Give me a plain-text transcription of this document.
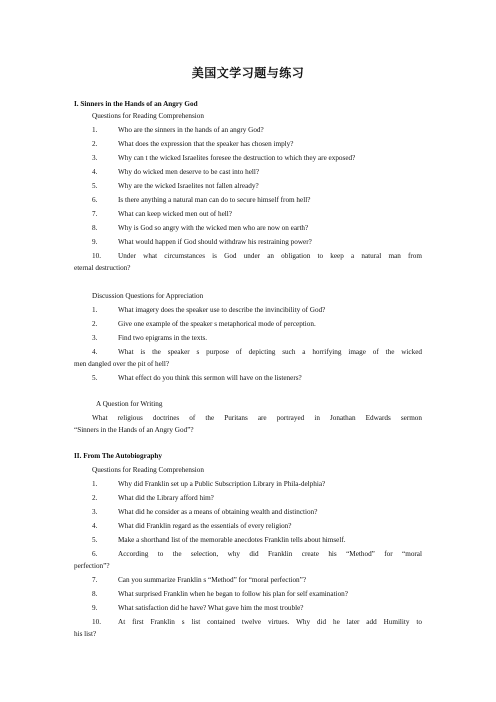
美国文学习题与练习
I. Sinners in the Hands of an Angry God
Questions for Reading Comprehension
1.	Who are the sinners in the hands of an angry God?
2.	What does the expression that the speaker has chosen imply?
3.	Why can t the wicked Israelites foresee the destruction to which they are exposed?
4.	Why do wicked men deserve to be cast into hell?
5.	Why are the wicked Israelites not fallen already?
6.	Is there anything a natural man can do to secure himself from hell?
7.	What can keep wicked men out of hell?
8.	Why is God so angry with the wicked men who are now on earth?
9.	What would happen if God should withdraw his restraining power?
10. Under what circumstances is God under an obligation to keep a natural man from
eternal destruction?
Discussion Questions for Appreciation
1.	What imagery does the speaker use to describe the invincibility of God?
2.	Give one example of the speaker s metaphorical mode of perception.
3.	Find two epigrams in the texts.
4.	What is the speaker s purpose of depicting such a horrifying image of the wicked
men dangled over the pit of hell?
5.	What effect do you think this sermon will have on the listeners?
A Question for Writing
What religious doctrines of the Puritans are portrayed in Jonathan Edwards sermon
“Sinners in the Hands of an Angry God”?
II. From The Autobiography
Questions for Reading Comprehension
1.	Why did Franklin set up a Public Subscription Library in Phila-delphia?
2.	What did the Library afford him?
3.	What did he consider as a means of obtaining wealth and distinction?
4.	What did Franklin regard as the essentials of every religion?
5.	Make a shorthand list of the memorable anecdotes Franklin tells about himself.
6.	According to the selection, why did Franklin create his “Method” for “moral
perfection”?
7.	Can you summarize Franklin s “Method” for “moral perfection”?
8.	What surprised Franklin when he began to follow his plan for self examination?
9.	What satisfaction did he have? What gave him the most trouble?
10. At first Franklin s list contained twelve virtues. Why did he later add Humility to
his list?
